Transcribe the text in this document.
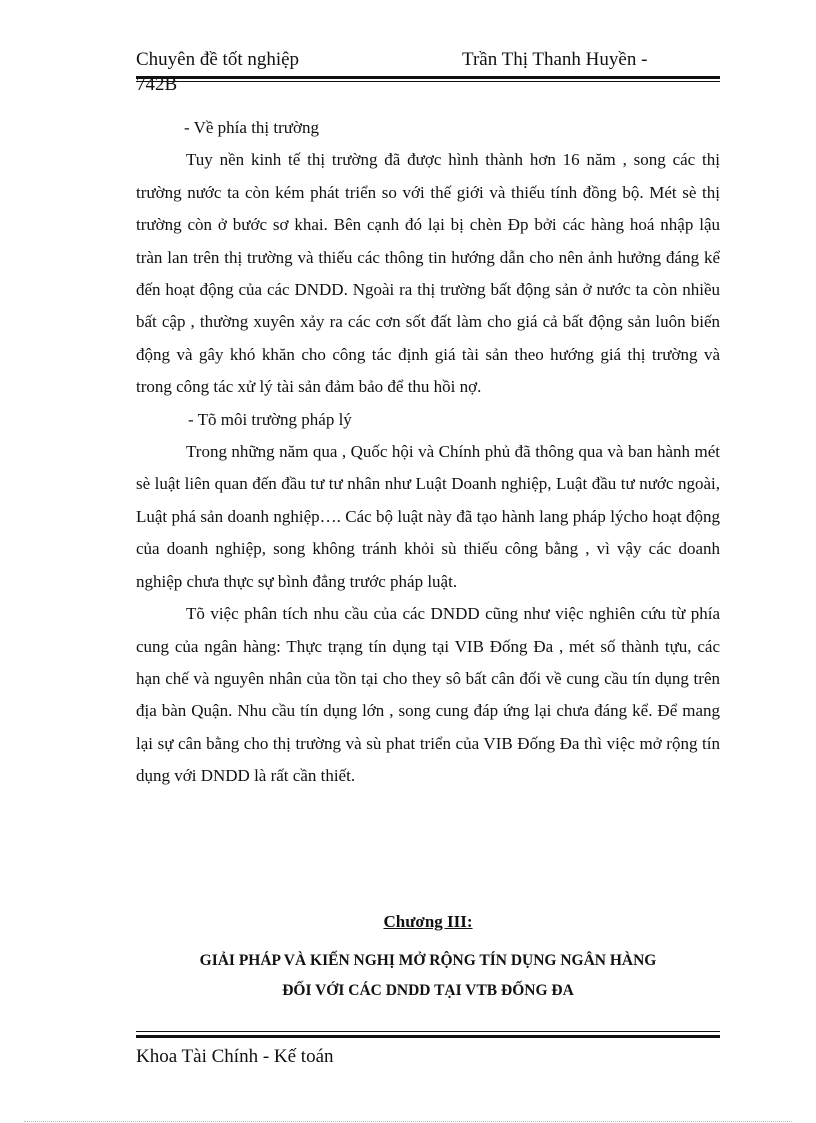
Chuyên đề tốt nghiệp	Trần Thị Thanh Huyền -
742B

- Về phía thị trường

Tuy nền kinh tế thị trường đã được hình thành hơn 16 năm , song các thị trường nước ta còn kém phát triển so với thế giới và thiếu tính đồng bộ. Mét sè thị trường còn ở bước sơ khai. Bên cạnh đó lại bị chèn Ðp bởi các hàng hoá nhập lậu tràn lan trên thị trường và thiếu các thông tin hướng dẫn cho nên ảnh hưởng đáng kể đến hoạt động của các DNDD. Ngoài ra thị trường bất động sản ở nước ta còn nhiều bất cập , thường xuyên xảy ra các cơn sốt đất làm cho giá cả bất động sản luôn biến động và gây khó khăn cho công tác định giá tài sản theo hướng giá thị trường và trong công tác xử lý tài sản đảm bảo để thu hồi nợ.

- Tõ môi trường pháp lý

Trong những năm qua , Quốc hội và Chính phủ đã thông qua và ban hành mét sè luật liên quan đến đầu tư tư nhân như Luật Doanh nghiệp, Luật đầu tư nước ngoài, Luật phá sản doanh nghiệp…. Các bộ luật này đã tạo hành lang pháp lýcho hoạt động của doanh nghiệp, song không tránh khỏi sù thiếu công bằng , vì vậy các doanh nghiệp chưa thực sự bình đẳng trước pháp luật.

Tõ việc phân tích nhu cầu của các DNDD cũng như việc nghiên cứu từ phía cung của ngân hàng: Thực trạng tín dụng tại VIB Đống Đa , mét số thành tựu, các hạn chế và nguyên nhân của tồn tại cho they sô bất cân đối về cung cầu tín dụng trên địa bàn Quận. Nhu cầu tín dụng lớn , song cung đáp ứng lại chưa đáng kể. Để mang lại sự cân bằng cho thị trường và sù phat triển của VIB Đống Đa thì việc mở rộng tín dụng với DNDD là rất cần thiết.

Chương III:
GIẢI PHÁP VÀ KIẾN NGHỊ MỞ RỘNG TÍN DỤNG NGÂN HÀNG
ĐỐI VỚI CÁC DNDD TẠI VTB ĐỐNG ĐA
Khoa Tài Chính - Kế toán
